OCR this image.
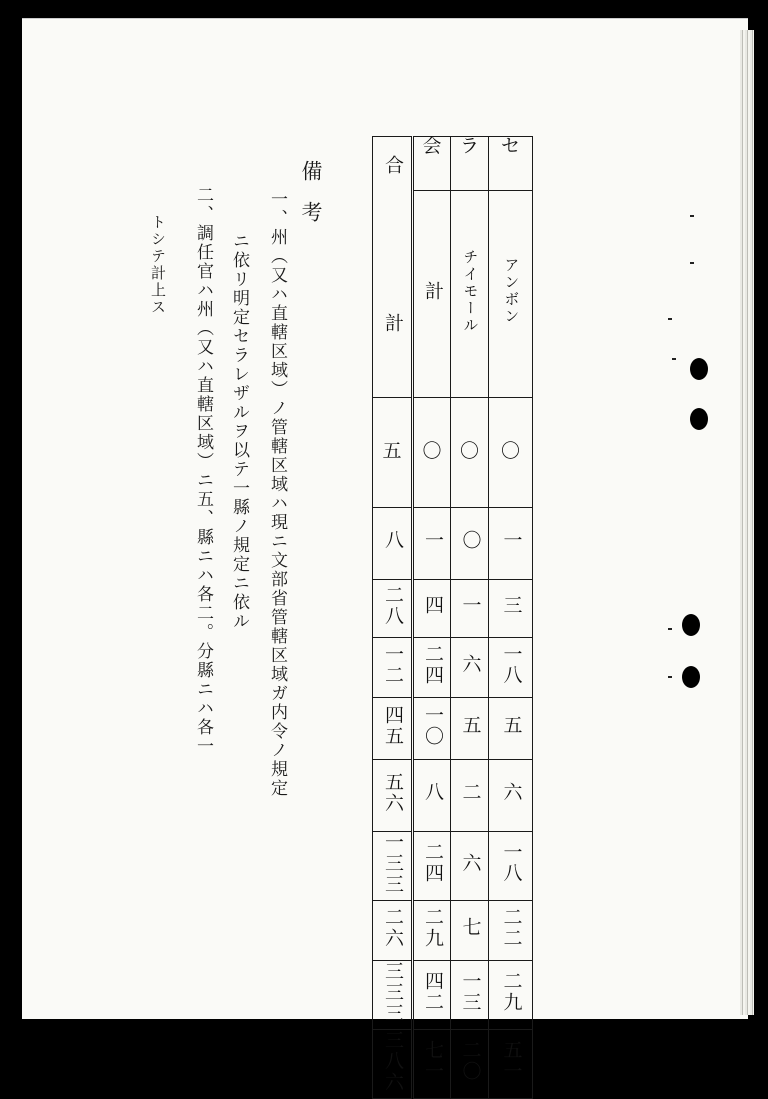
合　計	会	ラ	セ
	計	チイモール	アンボン
五	〇	〇	〇
八	一	〇	一
二八	四	一	三
一二	二四	六	一八
四五	一〇	五	五
五六	八	二	六
一三三	二四	六	一八
二六	二九	七	二二
三三三	四二	一三	二九
三八六	七一	二〇	五一
備考
一、州（又ハ直轄区域）ノ管轄区域ハ現ニ文部省管轄区域ガ内令ノ規定
ニ依リ明定セラレザルヲ以テ一縣ノ規定ニ依ル
二、調任官ハ州（又ハ直轄区域）ニ五、縣ニハ各二。分縣ニハ各一
トシテ計上ス
